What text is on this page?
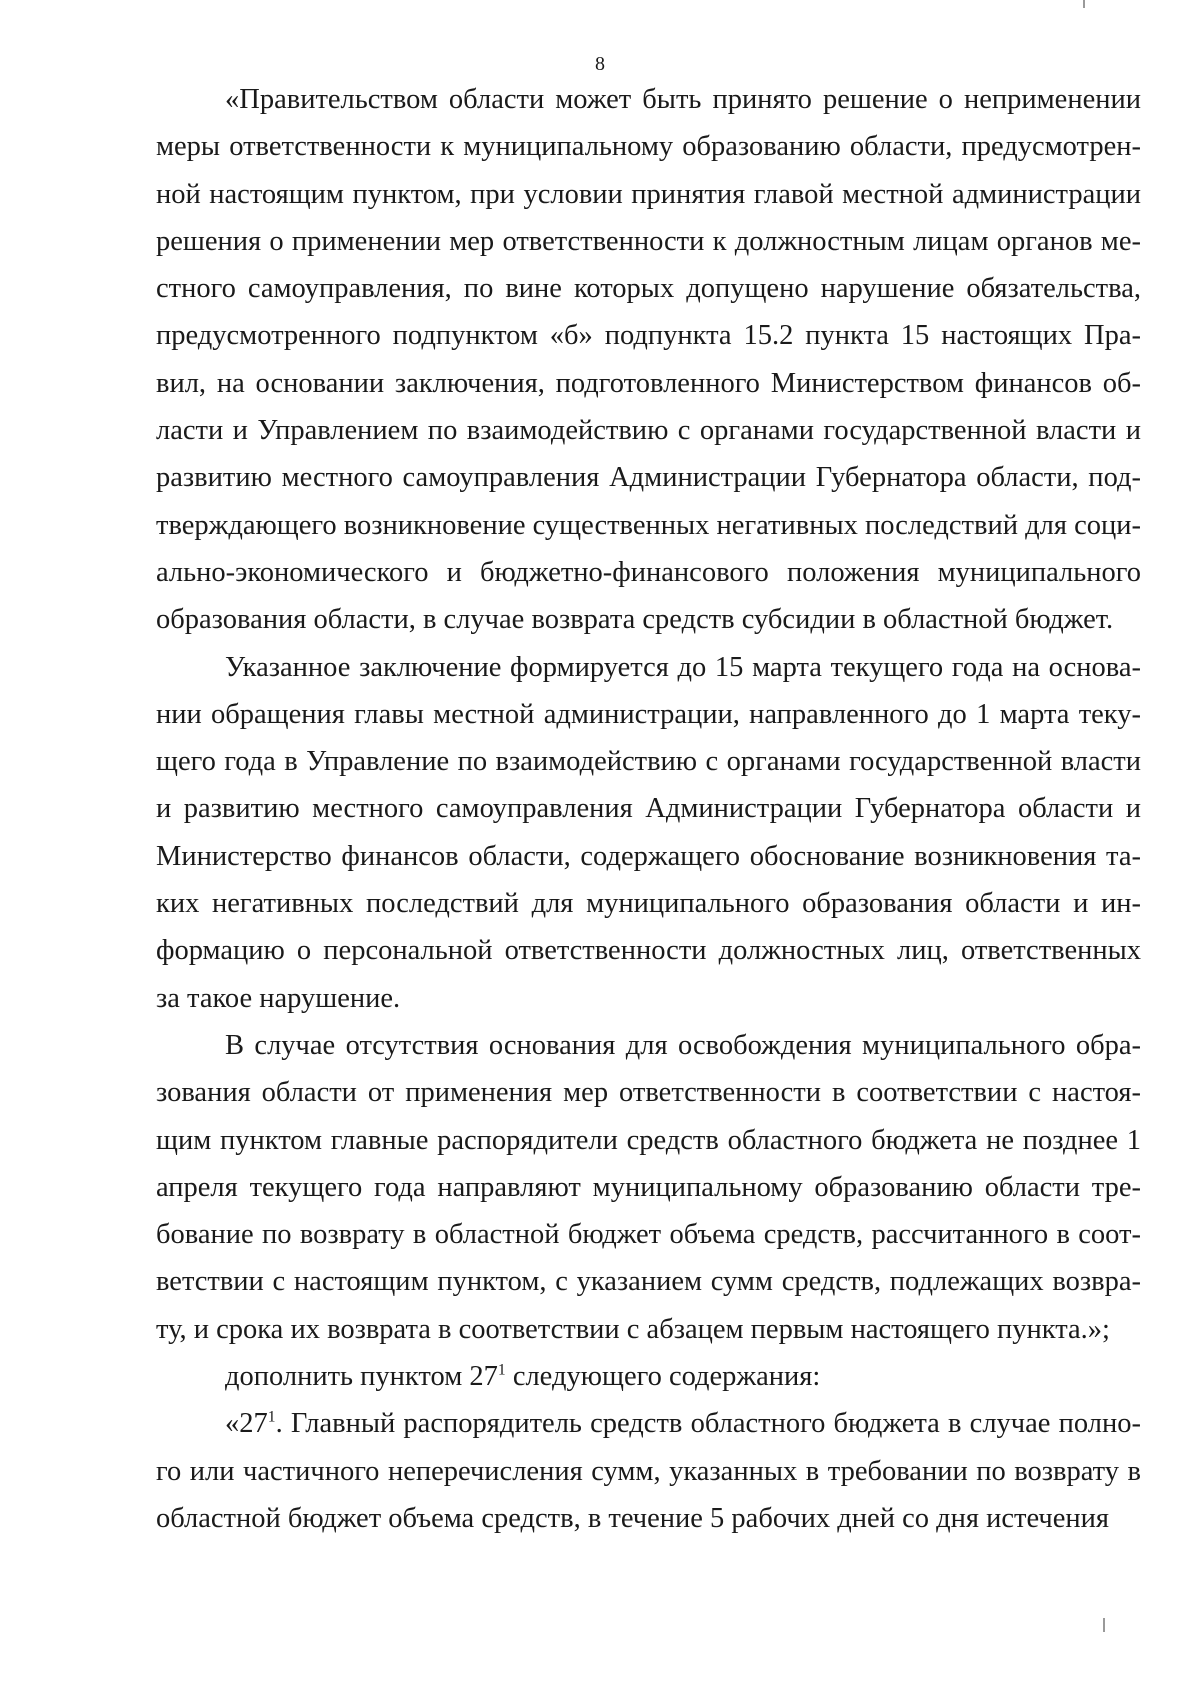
8

«Правительством области может быть принято решение о неприменении меры ответственности к муниципальному образованию области, предусмотренной настоящим пунктом, при условии принятия главой местной администрации решения о применении мер ответственности к должностным лицам органов местного самоуправления, по вине которых допущено нарушение обязательства, предусмотренного подпунктом «б» подпункта 15.2 пункта 15 настоящих Правил, на основании заключения, подготовленного Министерством финансов области и Управлением по взаимодействию с органами государственной власти и развитию местного самоуправления Администрации Губернатора области, подтверждающего возникновение существенных негативных последствий для социально-экономического и бюджетно-финансового положения муниципального образования области, в случае возврата средств субсидии в областной бюджет.

Указанное заключение формируется до 15 марта текущего года на основании обращения главы местной администрации, направленного до 1 марта текущего года в Управление по взаимодействию с органами государственной власти и развитию местного самоуправления Администрации Губернатора области и Министерство финансов области, содержащего обоснование возникновения таких негативных последствий для муниципального образования области и информацию о персональной ответственности должностных лиц, ответственных за такое нарушение.

В случае отсутствия основания для освобождения муниципального образования области от применения мер ответственности в соответствии с настоящим пунктом главные распорядители средств областного бюджета не позднее 1 апреля текущего года направляют муниципальному образованию области требование по возврату в областной бюджет объема средств, рассчитанного в соответствии с настоящим пунктом, с указанием сумм средств, подлежащих возврату, и срока их возврата в соответствии с абзацем первым настоящего пункта.»;

дополнить пунктом $27^1$ следующего содержания:

«$27^1$. Главный распорядитель средств областного бюджета в случае полного или частичного неперечисления сумм, указанных в требовании по возврату в областной бюджет объема средств, в течение 5 рабочих дней со дня истечения
